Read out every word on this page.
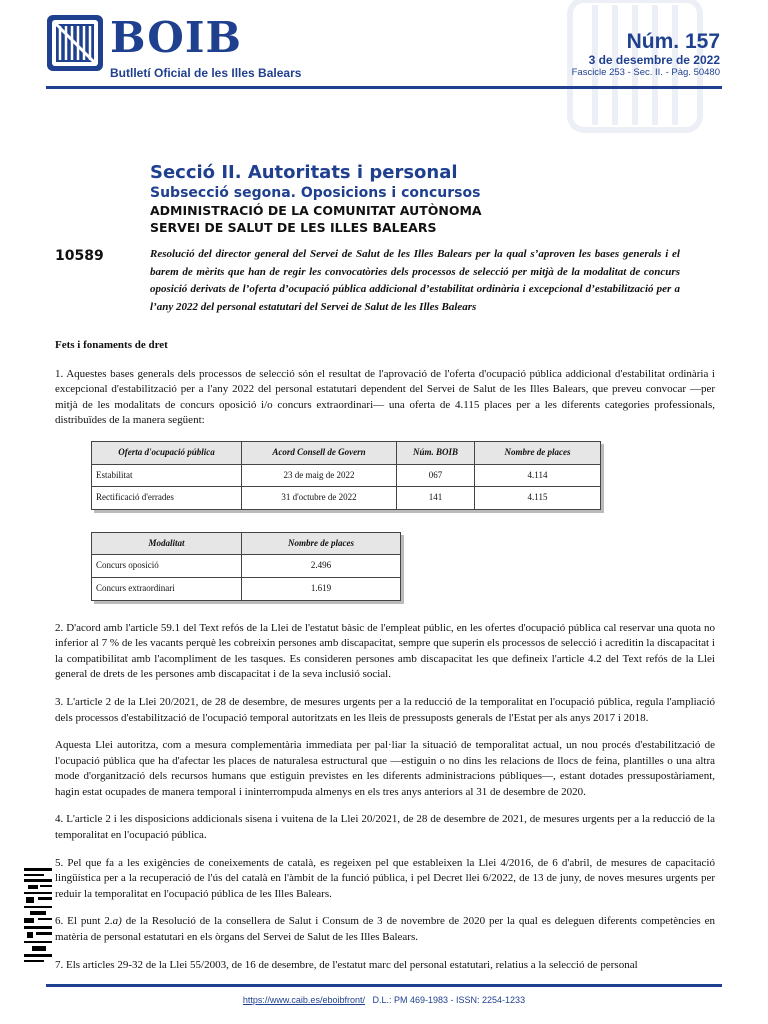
BOIB
Butlletí Oficial de les Illes Balears
Núm. 157
3 de desembre de 2022
Fascicle 253 - Sec. II. - Pàg. 50480
Secció II. Autoritats i personal
Subsecció segona. Oposicions i concursos
ADMINISTRACIÓ DE LA COMUNITAT AUTÒNOMA
SERVEI DE SALUT DE LES ILLES BALEARS
10589	Resolució del director general del Servei de Salut de les Illes Balears per la qual s’aproven les bases generals i el barem de mèrits que han de regir les convocatòries dels processos de selecció per mitjà de la modalitat de concurs oposició derivats de l’oferta d’ocupació pública addicional d’estabilitat ordinària i excepcional d’estabilització per a l’any 2022 del personal estatutari del Servei de Salut de les Illes Balears
Fets i fonaments de dret

1. Aquestes bases generals dels processos de selecció són el resultat de l'aprovació de l'oferta d'ocupació pública addicional d'estabilitat ordinària i excepcional d'estabilització per a l'any 2022 del personal estatutari dependent del Servei de Salut de les Illes Balears, que preveu convocar —per mitjà de les modalitats de concurs oposició i/o concurs extraordinari— una oferta de 4.115 places per a les diferents categories professionals, distribuïdes de la manera següent:

Oferta d'ocupació pública	Acord Consell de Govern	Núm. BOIB	Nombre de places
Estabilitat	23 de maig de 2022	067	4.114
Rectificació d'errades	31 d'octubre de 2022	141	4.115
Modalitat	Nombre de places
Concurs oposició	2.496
Concurs extraordinari	1.619

2. D'acord amb l'article 59.1 del Text refós de la Llei de l'estatut bàsic de l'empleat públic, en les ofertes d'ocupació pública cal reservar una quota no inferior al 7 % de les vacants perquè les cobreixin persones amb discapacitat, sempre que superin els processos de selecció i acreditin la discapacitat i la compatibilitat amb l'acompliment de les tasques. Es consideren persones amb discapacitat les que defineix l'article 4.2 del Text refós de la Llei general de drets de les persones amb discapacitat i de la seva inclusió social.

3. L'article 2 de la Llei 20/2021, de 28 de desembre, de mesures urgents per a la reducció de la temporalitat en l'ocupació pública, regula l'ampliació dels processos d'estabilització de l'ocupació temporal autoritzats en les lleis de pressuposts generals de l'Estat per als anys 2017 i 2018.

Aquesta Llei autoritza, com a mesura complementària immediata per pal·liar la situació de temporalitat actual, un nou procés d'estabilització de l'ocupació pública que ha d'afectar les places de naturalesa estructural que —estiguin o no dins les relacions de llocs de feina, plantilles o una altra mode d'organització dels recursos humans que estiguin previstes en les diferents administracions públiques—, estant dotades pressupostàriament, hagin estat ocupades de manera temporal i ininterrompuda almenys en els tres anys anteriors al 31 de desembre de 2020.

4. L'article 2 i les disposicions addicionals sisena i vuitena de la Llei 20/2021, de 28 de desembre de 2021, de mesures urgents per a la reducció de la temporalitat en l'ocupació pública.

5. Pel que fa a les exigències de coneixements de català, es regeixen pel que estableixen la Llei 4/2016, de 6 d'abril, de mesures de capacitació lingüística per a la recuperació de l'ús del català en l'àmbit de la funció pública, i pel Decret llei 6/2022, de 13 de juny, de noves mesures urgents per reduir la temporalitat en l'ocupació pública de les Illes Balears.

6. El punt 2.a) de la Resolució de la consellera de Salut i Consum de 3 de novembre de 2020 per la qual es deleguen diferents competències en matèria de personal estatutari en els òrgans del Servei de Salut de les Illes Balears.

7. Els articles 29-32 de la Llei 55/2003, de 16 de desembre, de l'estatut marc del personal estatutari, relatius a la selecció de personal

https://www.caib.es/eboibfront/ D.L.: PM 469-1983 - ISSN: 2254-1233
